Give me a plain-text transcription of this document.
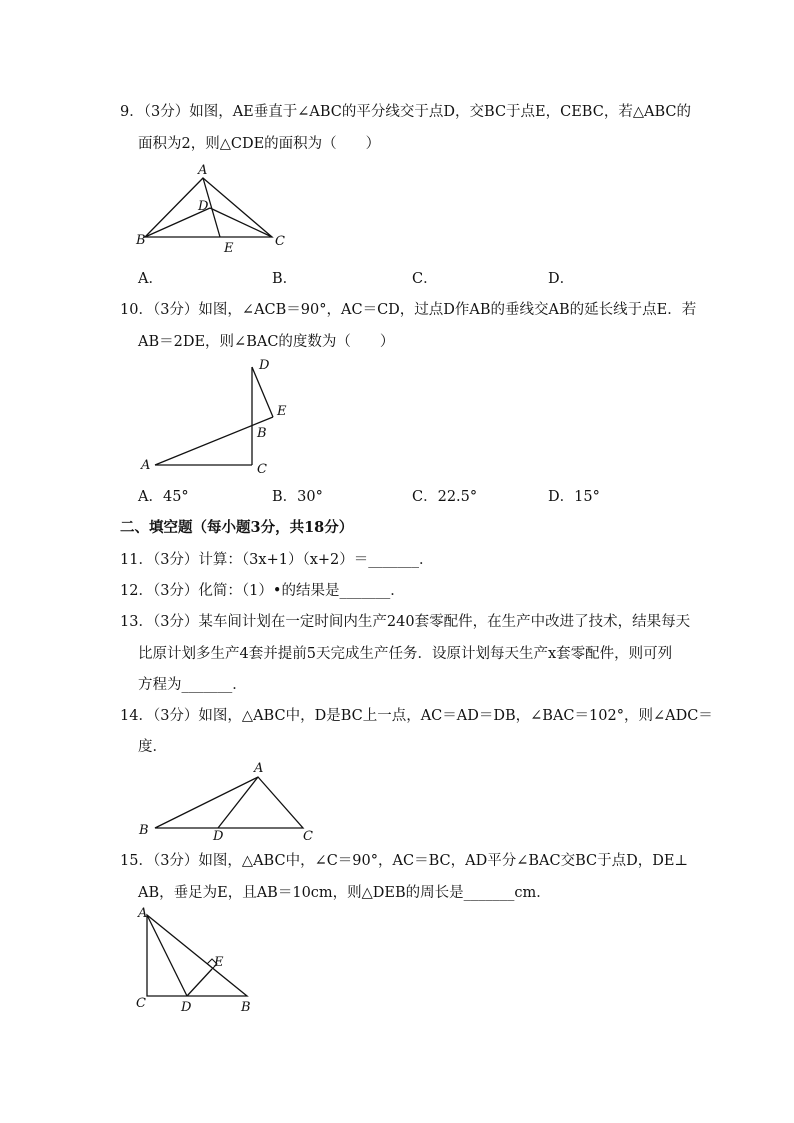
9．（3分）如图，AE垂直于∠ABC的平分线交于点D，交BC于点E，CEBC，若△ABC的
面积为2，则△CDE的面积为（　　）
A
D
B
E	C
A．	B．	C．	D．
10．（3分）如图，∠ACB＝90°，AC＝CD，过点D作AB的垂线交AB的延长线于点E．若
AB＝2DE，则∠BAC的度数为（　　）
D
E
B
A	C
A．45°	B．30°	C．22.5°	D．15°
二、填空题（每小题3分，共18分）
11．（3分）计算：（3x+1）（x+2）＝_______．
12．（3分）化简：（1）•的结果是_______．
13．（3分）某车间计划在一定时间内生产240套零配件，在生产中改进了技术，结果每天
比原计划多生产4套并提前5天完成生产任务．设原计划每天生产x套零配件，则可列
方程为_______．
14．（3分）如图，△ABC中，D是BC上一点，AC＝AD＝DB，∠BAC＝102°，则∠ADC＝
度．
A
B	D	C
15．（3分）如图，△ABC中，∠C＝90°，AC＝BC，AD平分∠BAC交BC于点D，DE⊥
AB，垂足为E，且AB＝10cm，则△DEB的周长是_______cm．
A
E
C	D	B
